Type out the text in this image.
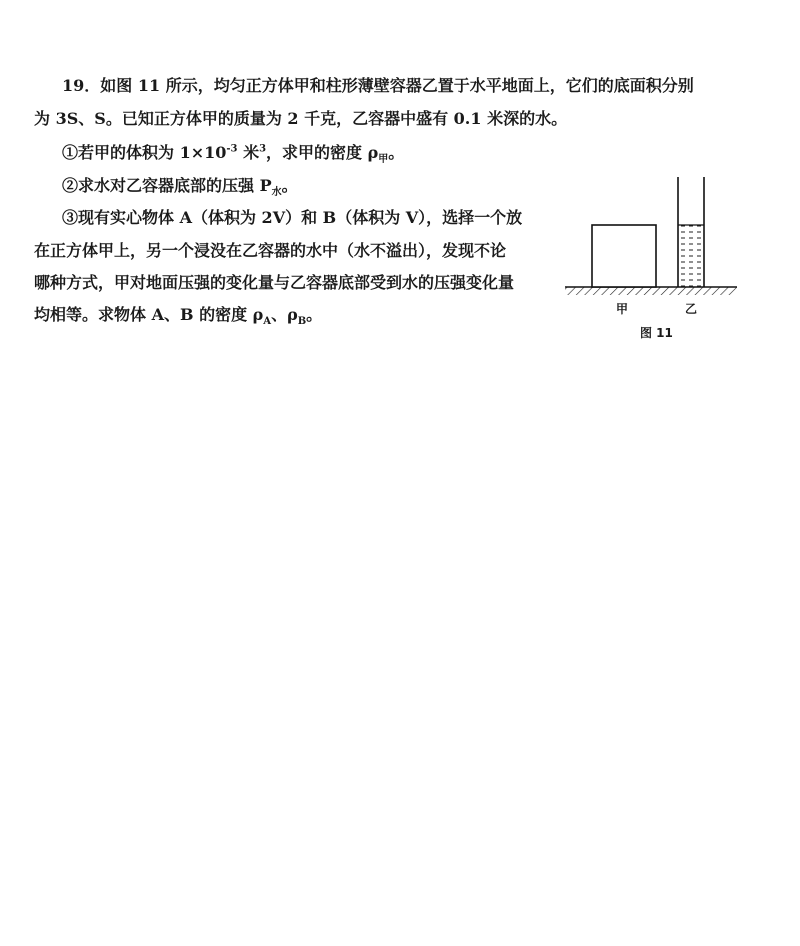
19．如图 11 所示，均匀正方体甲和柱形薄壁容器乙置于水平地面上，它们的底面积分别
为 3S、S。已知正方体甲的质量为 2 千克，乙容器中盛有 0.1 米深的水。
①若甲的体积为 $1\times 10^{-3}$ 米$^3$，求甲的密度 $\rho_甲$。
②求水对乙容器底部的压强 $P_水$。
③现有实心物体 A（体积为 2V）和 B（体积为 V），选择一个放
在正方体甲上，另一个浸没在乙容器的水中（水不溢出），发现不论
哪种方式，甲对地面压强的变化量与乙容器底部受到水的压强变化量
均相等。求物体 A、B 的密度 $\rho_A$、$\rho_B$。	甲	乙
图 11
